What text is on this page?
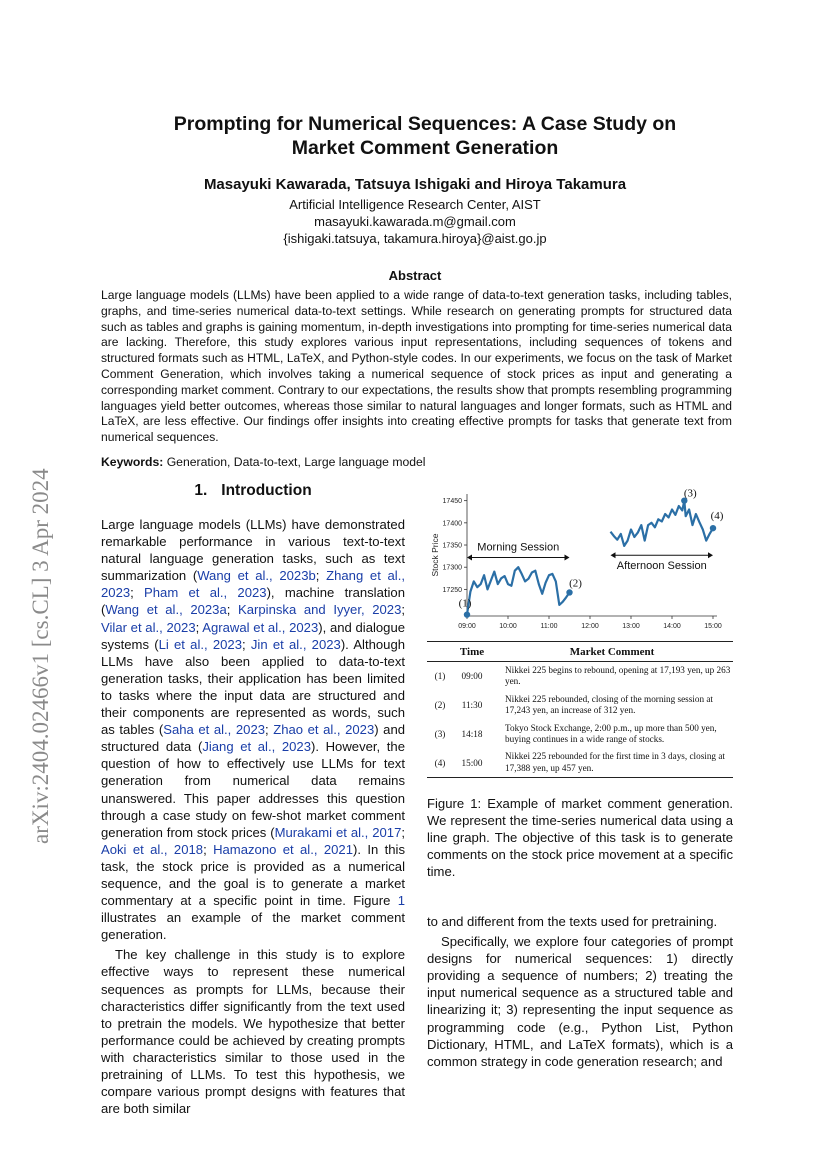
arXiv:2404.02466v1 [cs.CL] 3 Apr 2024
Prompting for Numerical Sequences: A Case Study on
Market Comment Generation
Masayuki Kawarada, Tatsuya Ishigaki and Hiroya Takamura
Artificial Intelligence Research Center, AIST
masayuki.kawarada.m@gmail.com
{ishigaki.tatsuya, takamura.hiroya}@aist.go.jp
Abstract
Large language models (LLMs) have been applied to a wide range of data-to-text generation tasks, including tables, graphs, and time-series numerical data-to-text settings. While research on generating prompts for structured data such as tables and graphs is gaining momentum, in-depth investigations into prompting for time-series numerical data are lacking. Therefore, this study explores various input representations, including sequences of tokens and structured formats such as HTML, LaTeX, and Python-style codes. In our experiments, we focus on the task of Market Comment Generation, which involves taking a numerical sequence of stock prices as input and generating a corresponding market comment. Contrary to our expectations, the results show that prompts resembling programming languages yield better outcomes, whereas those similar to natural languages and longer formats, such as HTML and LaTeX, are less effective. Our findings offer insights into creating effective prompts for tasks that generate text from numerical sequences.
Keywords: Generation, Data-to-text, Large language model
1. Introduction

Large language models (LLMs) have demonstrated remarkable performance in various text-to-text natural language generation tasks, such as text summarization (Wang et al., 2023b; Zhang et al., 2023; Pham et al., 2023), machine translation (Wang et al., 2023a; Karpinska and Iyyer, 2023; Vilar et al., 2023; Agrawal et al., 2023), and dialogue systems (Li et al., 2023; Jin et al., 2023). Although LLMs have also been applied to data-to-text generation tasks, their application has been limited to tasks where the input data are structured and their components are represented as words, such as tables (Saha et al., 2023; Zhao et al., 2023) and structured data (Jiang et al., 2023). However, the question of how to effectively use LLMs for text generation from numerical data remains unanswered. This paper addresses this question through a case study on few-shot market comment generation from stock prices (Murakami et al., 2017; Aoki et al., 2018; Hamazono et al., 2021). In this task, the stock price is provided as a numerical sequence, and the goal is to generate a market commentary at a specific point in time. Figure 1 illustrates an example of the market comment generation.

The key challenge in this study is to explore effective ways to represent these numerical sequences as prompts for LLMs, because their characteristics differ significantly from the text used to pretrain the models. We hypothesize that better performance could be achieved by creating prompts with characteristics similar to those used in the pretraining of LLMs. To test this hypothesis, we compare various prompt designs with features that are both similar

17250
17300
17350
17400
17450
09:00	10:00	11:00	12:00	13:00	14:00	15:00
Stock Price	Morning Session
Afternoon Session
(1)
(2)
(3)
(4)
	Time	Market Comment
(1)	09:00	Nikkei 225 begins to rebound, opening at 17,193 yen, up 263 yen.
(2)	11:30	Nikkei 225 rebounded, closing of the morning session at 17,243 yen, an increase of 312 yen.
(3)	14:18	Tokyo Stock Exchange, 2:00 p.m., up more than 500 yen, buying continues in a wide range of stocks.
(4)	15:00	Nikkei 225 rebounded for the first time in 3 days, closing at 17,388 yen, up 457 yen.
Figure 1: Example of market comment generation. We represent the time-series numerical data using a line graph. The objective of this task is to generate comments on the stock price movement at a specific time.

to and different from the texts used for pretraining.

Specifically, we explore four categories of prompt designs for numerical sequences: 1) directly providing a sequence of numbers; 2) treating the input numerical sequence as a structured table and linearizing it; 3) representing the input sequence as programming code (e.g., Python List, Python Dictionary, HTML, and LaTeX formats), which is a common strategy in code generation research; and
